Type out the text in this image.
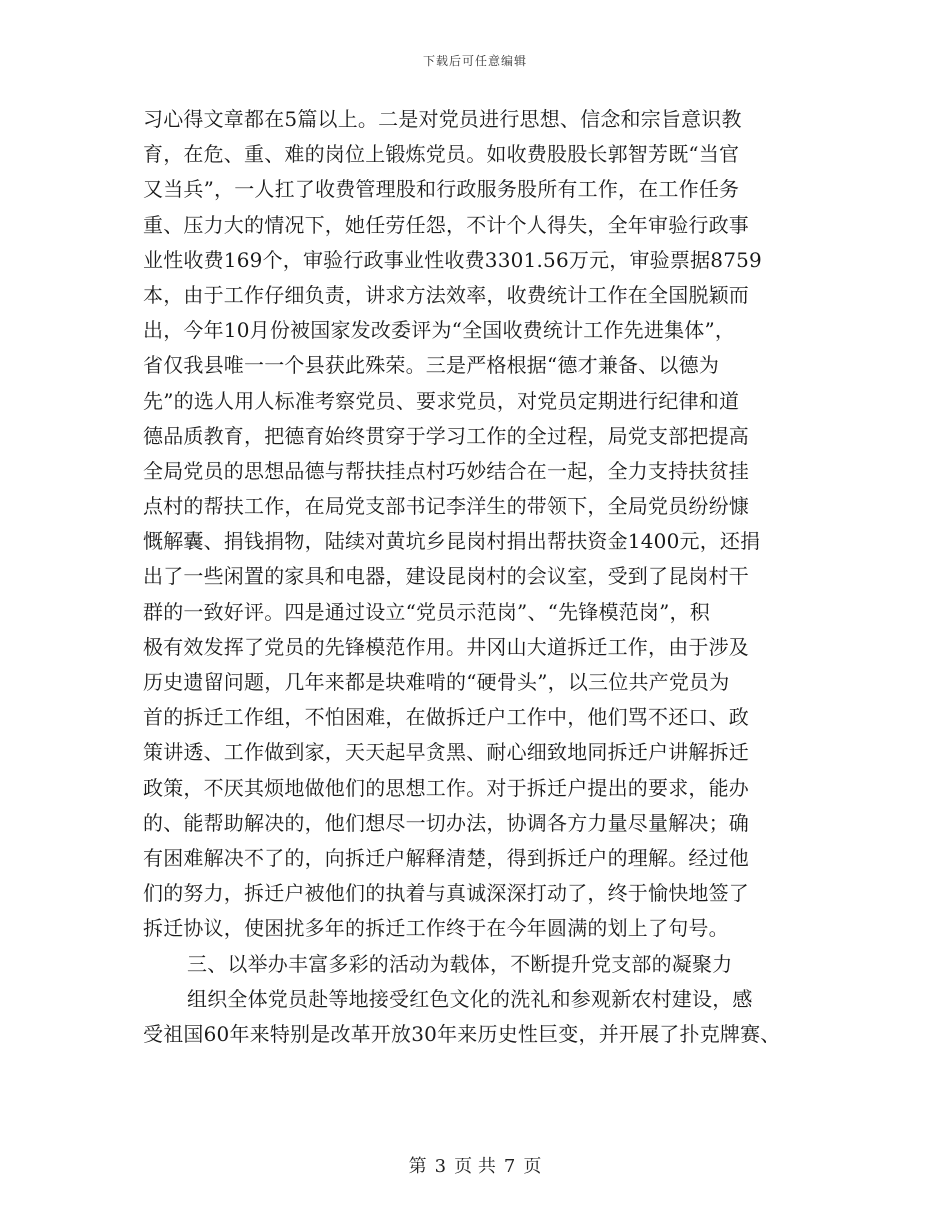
下载后可任意编辑
习心得文章都在5篇以上。二是对党员进行思想、信念和宗旨意识教
育，在危、重、难的岗位上锻炼党员。如收费股股长郭智芳既“当官
又当兵”，一人扛了收费管理股和行政服务股所有工作，在工作任务
重、压力大的情况下，她任劳任怨，不计个人得失，全年审验行政事
业性收费169个，审验行政事业性收费3301.56万元，审验票据8759
本，由于工作仔细负责，讲求方法效率，收费统计工作在全国脱颖而
出，今年10月份被国家发改委评为“全国收费统计工作先进集体”，
省仅我县唯一一个县获此殊荣。三是严格根据“德才兼备、以德为
先”的选人用人标准考察党员、要求党员，对党员定期进行纪律和道
德品质教育，把德育始终贯穿于学习工作的全过程，局党支部把提高
全局党员的思想品德与帮扶挂点村巧妙结合在一起，全力支持扶贫挂
点村的帮扶工作，在局党支部书记李洋生的带领下，全局党员纷纷慷
慨解囊、捐钱捐物，陆续对黄坑乡昆岗村捐出帮扶资金1400元，还捐
出了一些闲置的家具和电器，建设昆岗村的会议室，受到了昆岗村干
群的一致好评。四是通过设立“党员示范岗”、“先锋模范岗”，积
极有效发挥了党员的先锋模范作用。井冈山大道拆迁工作，由于涉及
历史遗留问题，几年来都是块难啃的“硬骨头”，以三位共产党员为
首的拆迁工作组，不怕困难，在做拆迁户工作中，他们骂不还口、政
策讲透、工作做到家，天天起早贪黑、耐心细致地同拆迁户讲解拆迁
政策，不厌其烦地做他们的思想工作。对于拆迁户提出的要求，能办
的、能帮助解决的，他们想尽一切办法，协调各方力量尽量解决；确
有困难解决不了的，向拆迁户解释清楚，得到拆迁户的理解。经过他
们的努力，拆迁户被他们的执着与真诚深深打动了，终于愉快地签了
拆迁协议，使困扰多年的拆迁工作终于在今年圆满的划上了句号。
三、以举办丰富多彩的活动为载体，不断提升党支部的凝聚力
组织全体党员赴等地接受红色文化的洗礼和参观新农村建设，感
受祖国60年来特别是改革开放30年来历史性巨变，并开展了扑克牌赛、
第 3 页 共 7 页
